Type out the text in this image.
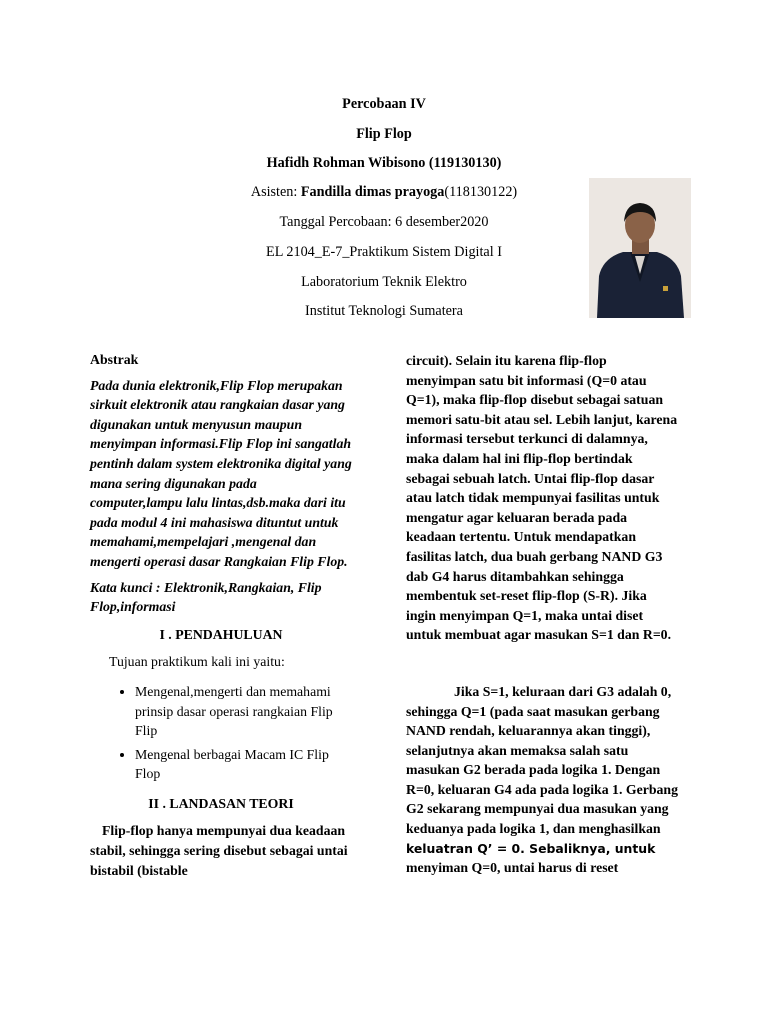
Percobaan IV
Flip Flop
Hafidh Rohman Wibisono (119130130)
Asisten: Fandilla dimas prayoga(118130122)
Tanggal Percobaan: 6 desember2020
EL 2104_E-7_Praktikum Sistem Digital I
Laboratorium Teknik Elektro
Institut Teknologi Sumatera

Abstrak

Pada dunia elektronik,Flip Flop merupakan sirkuit elektronik atau rangkaian dasar yang digunakan untuk menyusun maupun menyimpan informasi.Flip Flop ini sangatlah pentinh dalam system elektronika digital yang mana sering digunakan pada computer,lampu lalu lintas,dsb.maka dari itu pada modul 4 ini mahasiswa dituntut untuk memahami,mempelajari ,mengenal dan mengerti operasi dasar Rangkaian Flip Flop.

Kata kunci : Elektronik,Rangkaian, Flip Flop,informasi

I . PENDAHULUAN

Tujuan praktikum kali ini yaitu:

• Mengenal,mengerti dan memahami prinsip dasar operasi rangkaian Flip Flip
• Mengenal berbagai Macam IC Flip Flop

II . LANDASAN TEORI

Flip-flop hanya mempunyai dua keadaan stabil, sehingga sering disebut sebagai untai bistabil (bistable

circuit). Selain itu karena flip-flop menyimpan satu bit informasi (Q=0 atau Q=1), maka flip-flop disebut sebagai satuan memori satu-bit atau sel. Lebih lanjut, karena informasi tersebut terkunci di dalamnya, maka dalam hal ini flip-flop bertindak sebagai sebuah latch. Untai flip-flop dasar atau latch tidak mempunyai fasilitas untuk mengatur agar keluaran berada pada keadaan tertentu. Untuk mendapatkan fasilitas latch, dua buah gerbang NAND G3 dab G4 harus ditambahkan sehingga membentuk set-reset flip-flop (S-R). Jika ingin menyimpan Q=1, maka untai diset untuk membuat agar masukan S=1 dan R=0.

Jika S=1, keluraan dari G3 adalah 0, sehingga Q=1 (pada saat masukan gerbang NAND rendah, keluarannya akan tinggi), selanjutnya akan memaksa salah satu masukan G2 berada pada logika 1. Dengan R=0, keluaran G4 ada pada logika 1. Gerbang G2 sekarang mempunyai dua masukan yang keduanya pada logika 1, dan menghasilkan keluatran Q’ = 0. Sebaliknya, untuk menyiman Q=0, untai harus di reset
